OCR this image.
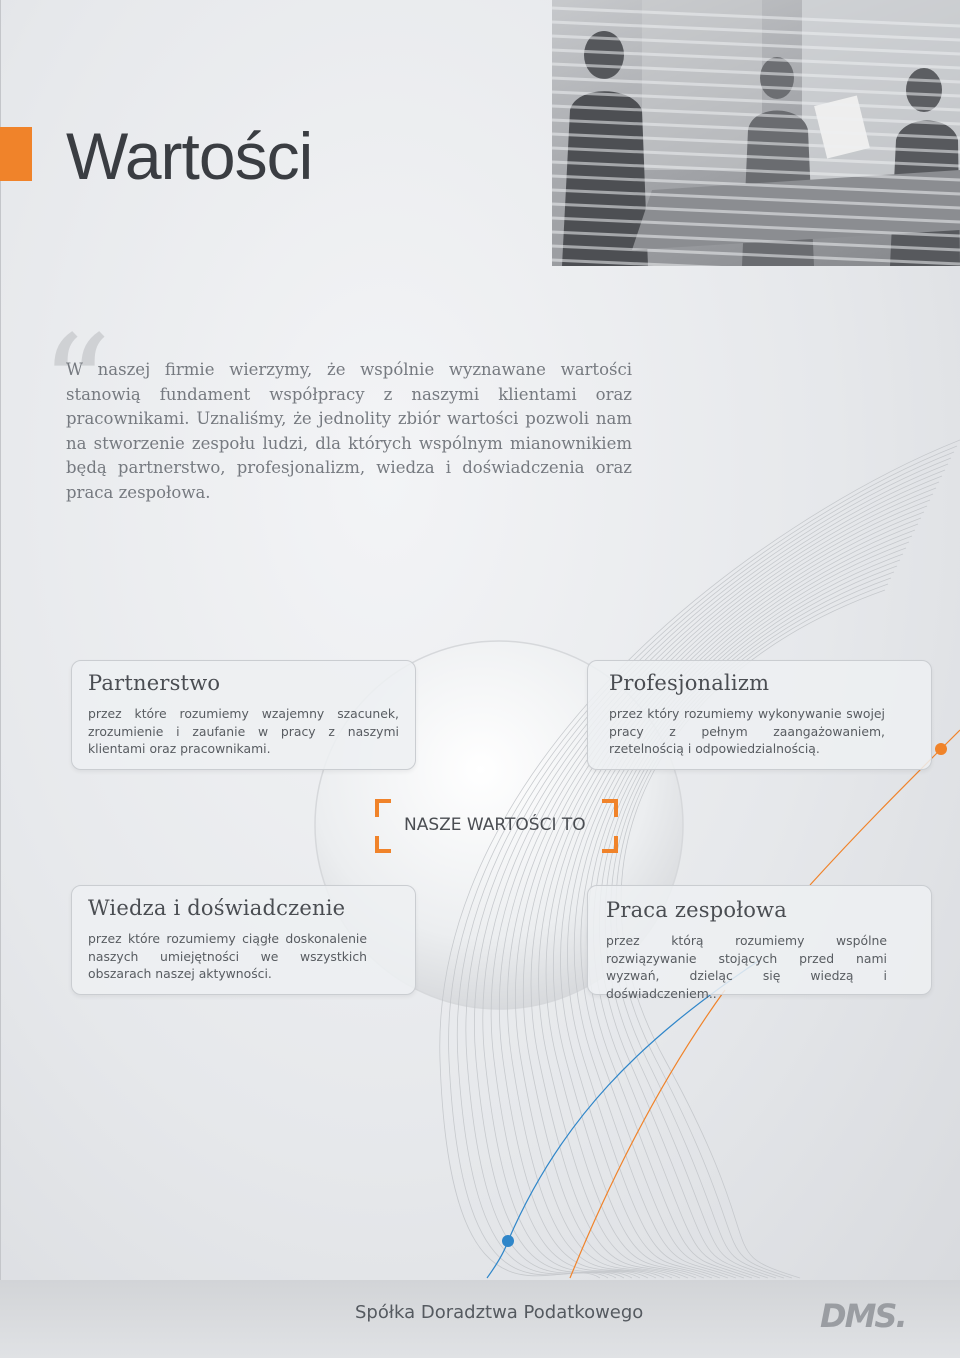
Wartości
“

W naszej firmie wierzymy, że wspólnie wyznawane wartości stanowią fundament współpracy z naszymi klientami oraz pracownikami. Uznaliśmy, że jednolity zbiór wartości pozwoli nam na stworzenie zespołu ludzi, dla których wspólnym mianownikiem będą partnerstwo, profesjonalizm, wiedza i doświadczenia oraz praca zespołowa.

Partnerstwo

przez które rozumiemy wzajemny szacunek, zrozumienie i zaufanie w pracy z naszymi klientami oraz pracownikami.

Profesjonalizm

przez który rozumiemy wykonywanie swojej pracy z pełnym zaangażowaniem, rzetelnością i odpowiedzialnością.

Wiedza i doświadczenie

przez które rozumiemy ciągłe doskonalenie naszych umiejętności we wszystkich obszarach naszej aktywności.

Praca zespołowa

przez którą rozumiemy wspólne rozwiązywanie stojących przed nami wyzwań, dzieląc się wiedzą i doświadczeniem..

NASZE WARTOŚCI TO

Spółka Doradztwa Podatkowego	DMS.
